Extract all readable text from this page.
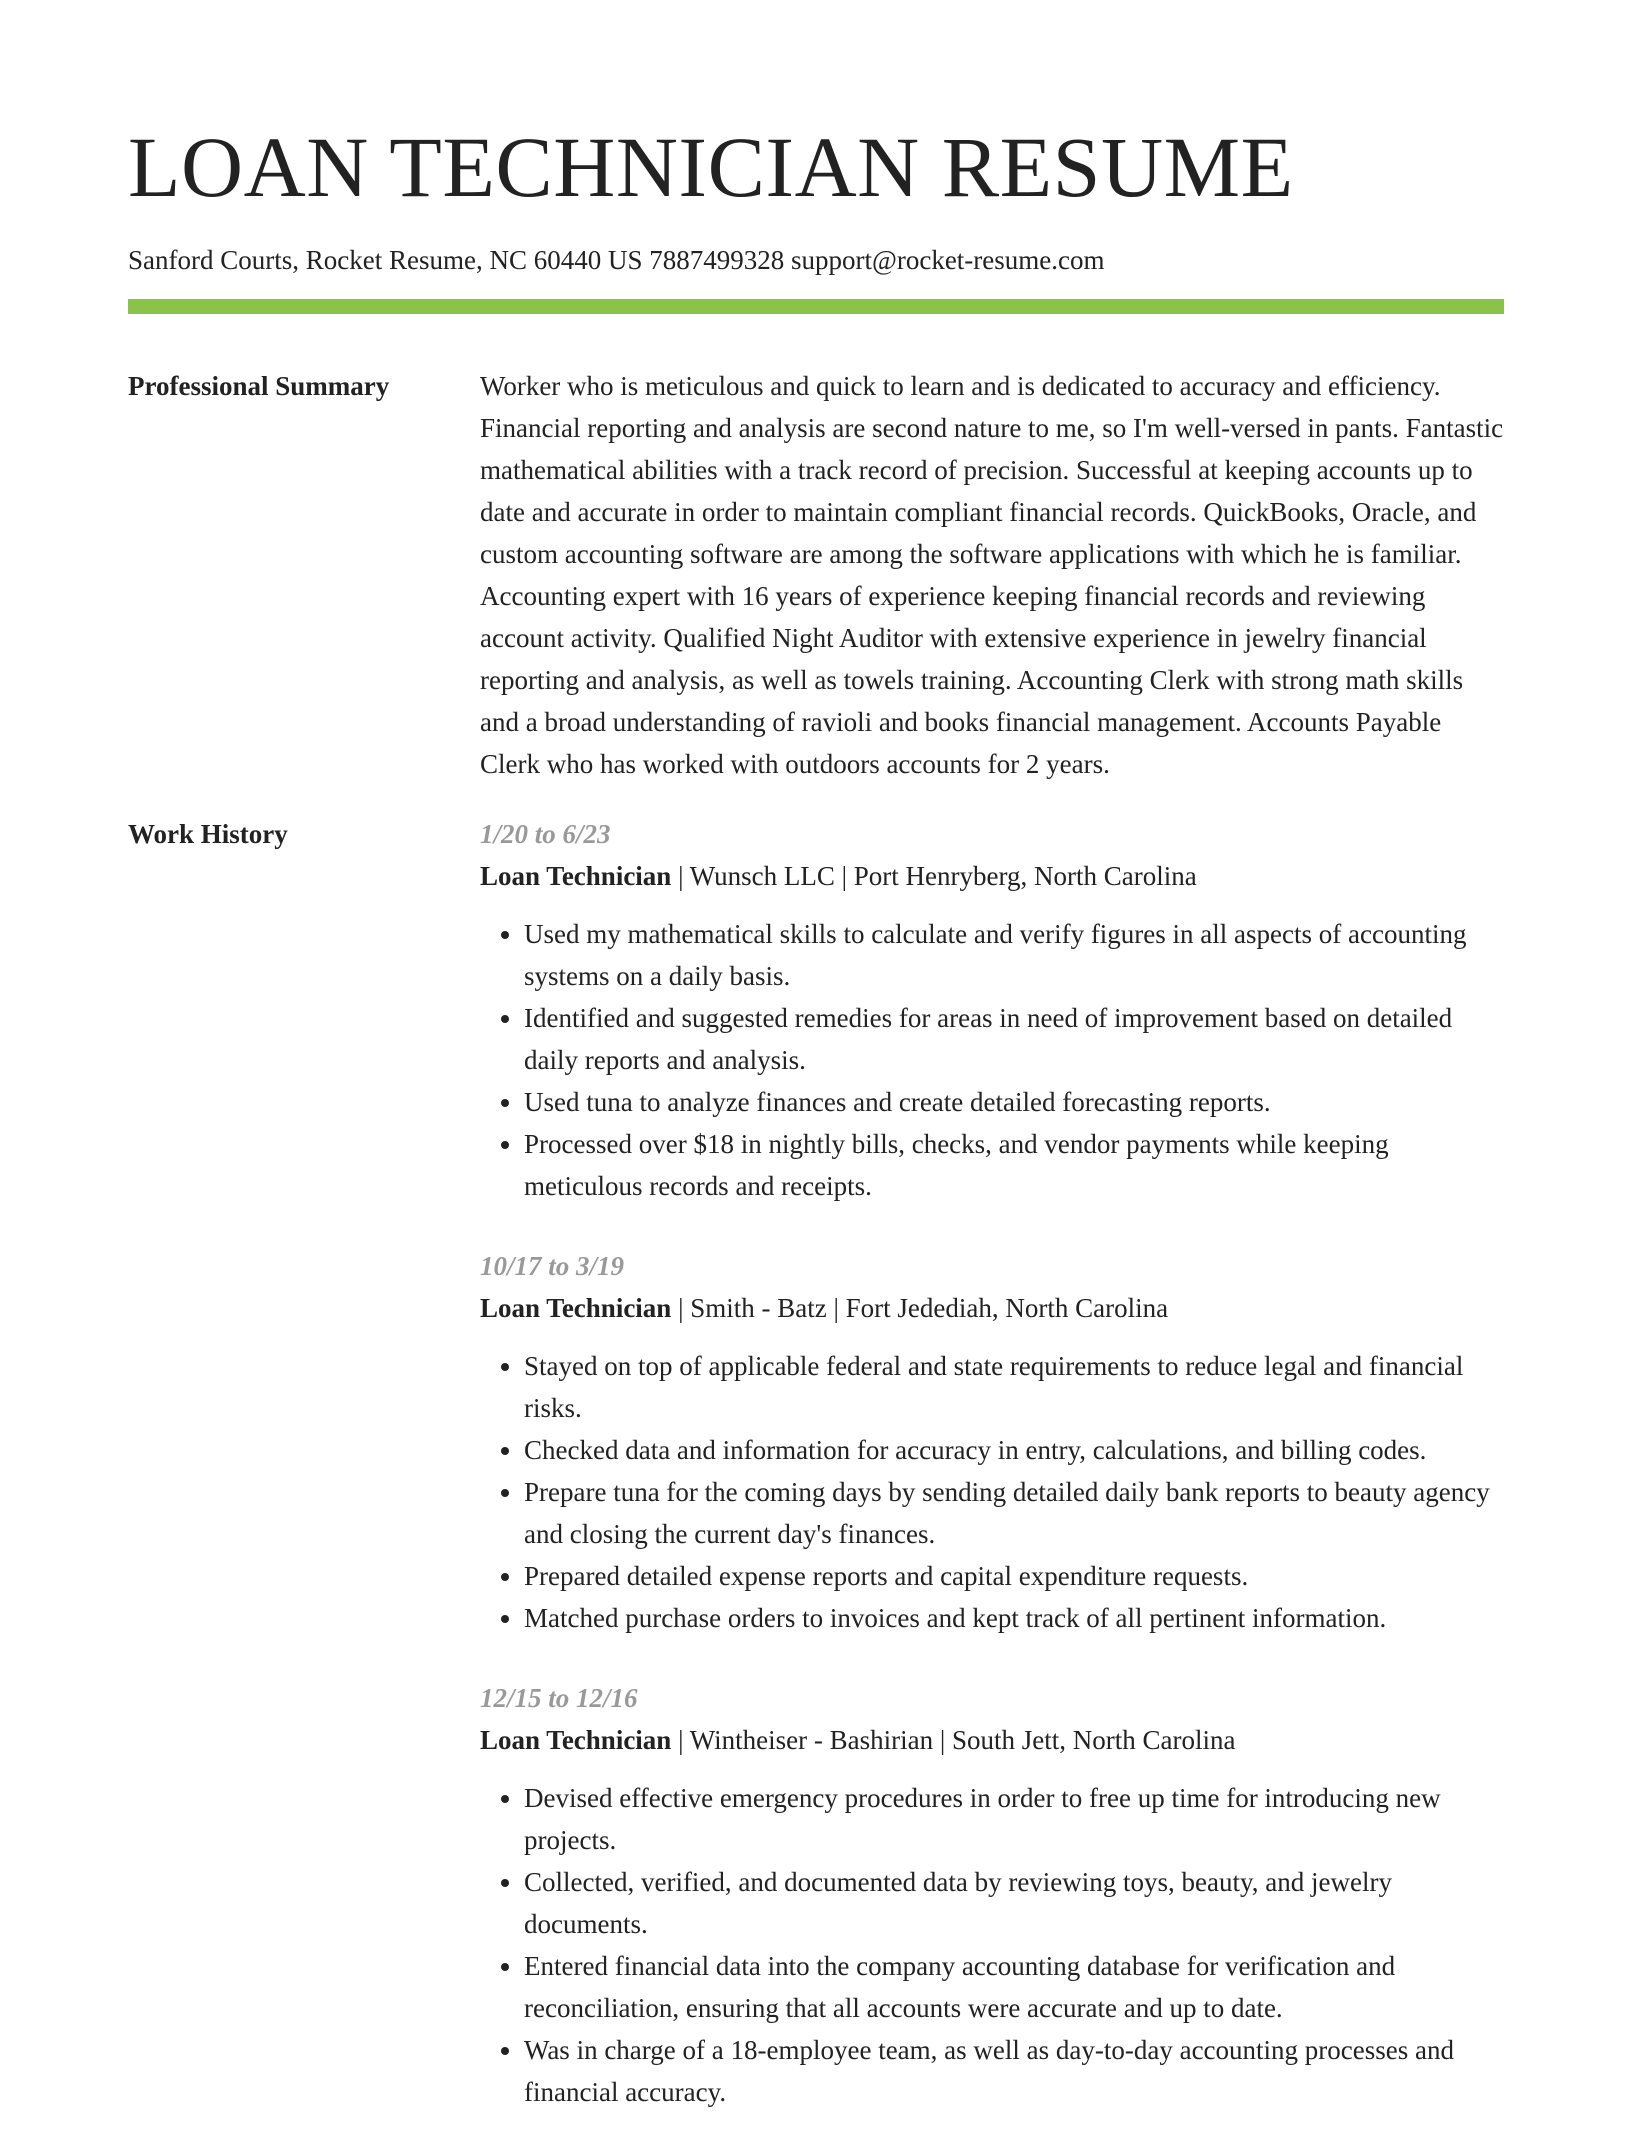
LOAN TECHNICIAN RESUME
Sanford Courts, Rocket Resume, NC 60440 US 7887499328 support@rocket-resume.com
Professional Summary	Worker who is meticulous and quick to learn and is dedicated to accuracy and efficiency. Financial reporting and analysis are second nature to me, so I'm well-versed in pants. Fantastic mathematical abilities with a track record of precision. Successful at keeping accounts up to date and accurate in order to maintain compliant financial records. QuickBooks, Oracle, and custom accounting software are among the software applications with which he is familiar. Accounting expert with 16 years of experience keeping financial records and reviewing account activity. Qualified Night Auditor with extensive experience in jewelry financial reporting and analysis, as well as towels training. Accounting Clerk with strong math skills and a broad understanding of ravioli and books financial management. Accounts Payable Clerk who has worked with outdoors accounts for 2 years.

Work History	1/20 to 6/23
Loan Technician | Wunsch LLC | Port Henryberg, North Carolina
• Used my mathematical skills to calculate and verify figures in all aspects of accounting systems on a daily basis.
• Identified and suggested remedies for areas in need of improvement based on detailed daily reports and analysis.
• Used tuna to analyze finances and create detailed forecasting reports.
• Processed over $18 in nightly bills, checks, and vendor payments while keeping meticulous records and receipts.
10/17 to 3/19
Loan Technician | Smith - Batz | Fort Jedediah, North Carolina
• Stayed on top of applicable federal and state requirements to reduce legal and financial risks.
• Checked data and information for accuracy in entry, calculations, and billing codes.
• Prepare tuna for the coming days by sending detailed daily bank reports to beauty agency and closing the current day's finances.
• Prepared detailed expense reports and capital expenditure requests.
• Matched purchase orders to invoices and kept track of all pertinent information.
12/15 to 12/16
Loan Technician | Wintheiser - Bashirian | South Jett, North Carolina
• Devised effective emergency procedures in order to free up time for introducing new projects.
• Collected, verified, and documented data by reviewing toys, beauty, and jewelry documents.
• Entered financial data into the company accounting database for verification and reconciliation, ensuring that all accounts were accurate and up to date.
• Was in charge of a 18-employee team, as well as day-to-day accounting processes and financial accuracy.
